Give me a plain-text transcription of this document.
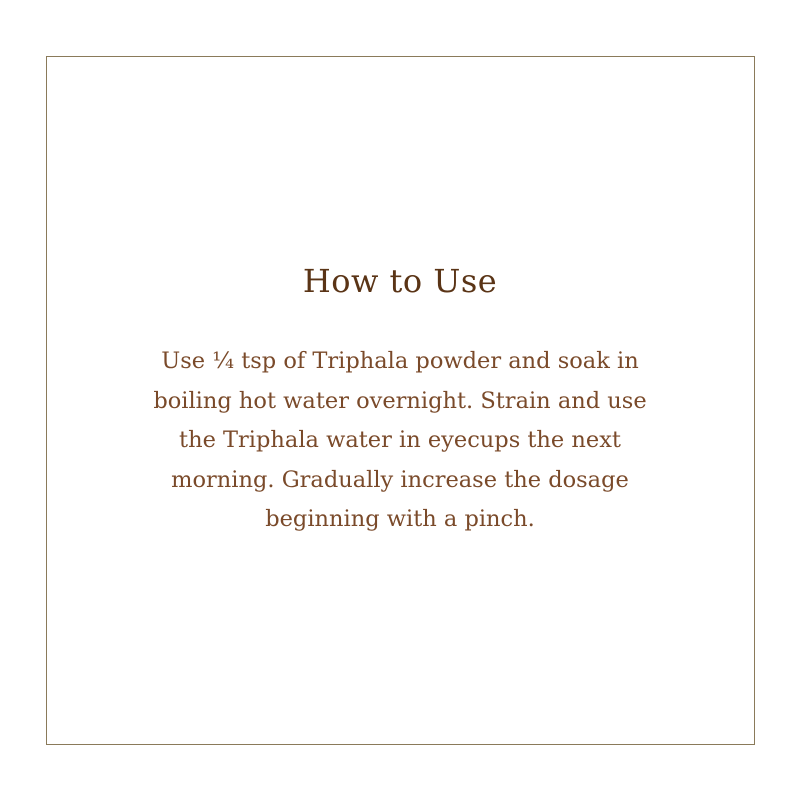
How to Use

Use ¼ tsp of Triphala powder and soak in
boiling hot water overnight. Strain and use
the Triphala water in eyecups the next
morning. Gradually increase the dosage
beginning with a pinch.
